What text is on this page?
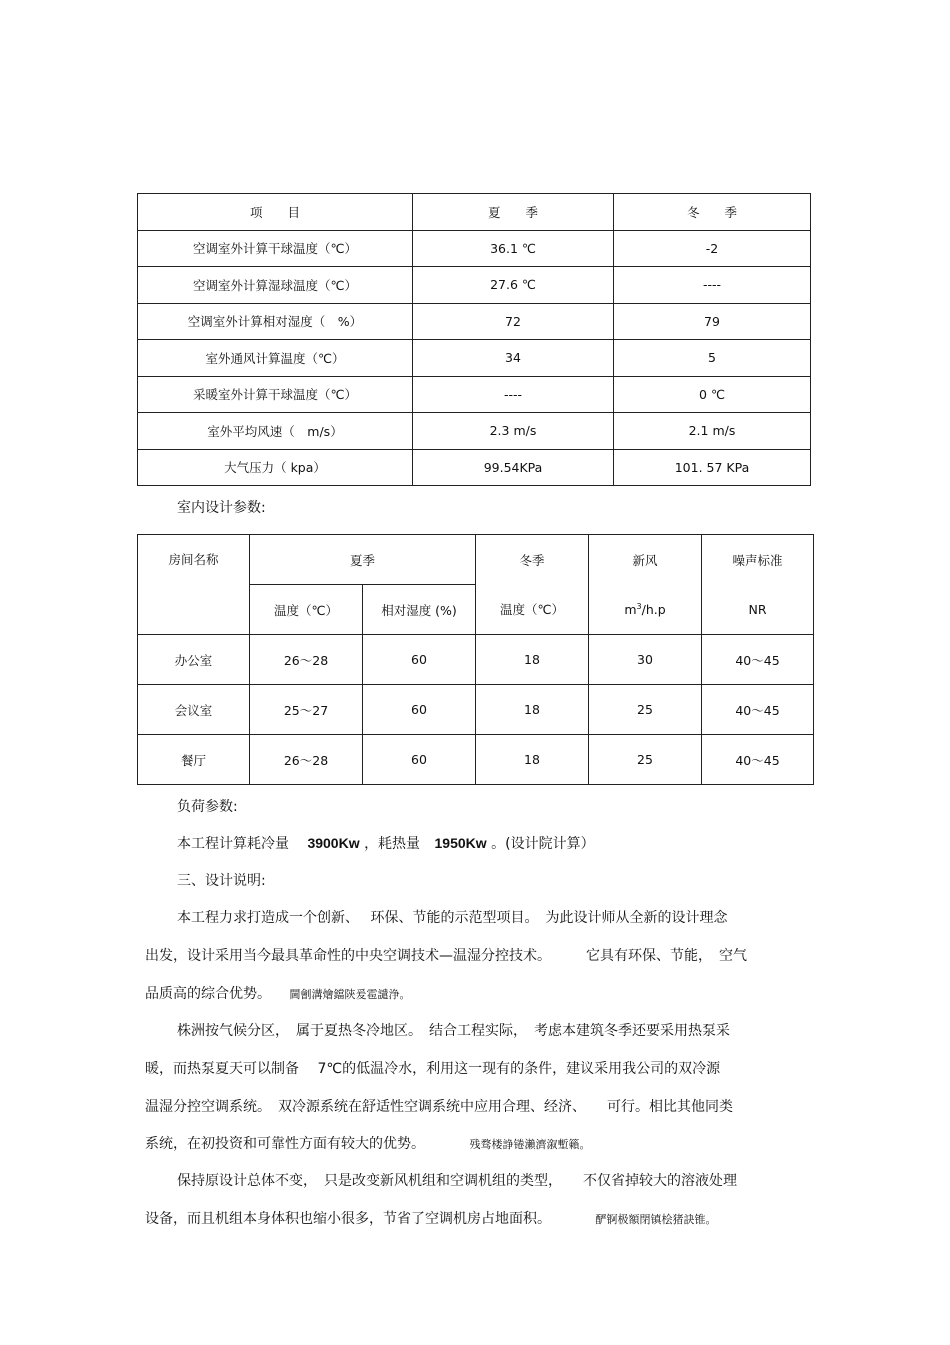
项　　目	夏　　季	冬　　季
空调室外计算干球温度（℃）	36.1 ℃	-2
空调室外计算湿球温度（℃）	27.6 ℃	----
空调室外计算相对湿度（　%）	72	79
室外通风计算温度（℃）	34	5
采暖室外计算干球温度（℃）	----	0 ℃
室外平均风速（　m/s）	2.3 m∕s	2.1 m∕s
大气压力（ kpa）	99.54KPa	101. 57 KPa
室内设计参数:
房间名称	夏季		冬季	新风	噪声标准
	温度（℃）	相对湿度 (%)	温度（℃）	$m^3/h.p$	NR
办公室	26～28	60	18	30	40～45
会议室	25～27	60	18	25	40～45
餐厅	26～28	60	18	25	40～45
负荷参数:
本工程计算耗冷量 3900Kw ，耗热量 1950Kw 。(设计院计算）
三、设计说明:
本工程力求打造成一个创新、　 环保、节能的示范型项目。　为此设计师从全新的设计理念
出发，设计采用当今最具革命性的中央空调技术—温湿分控技术。　　　它具有环保、节能，　空气
品质高的综合优势。 閫劊溝燴鐺陝爰雹譴浄。
株洲按气候分区，　属于夏热冬冷地区。　结合工程实际，　考虑本建筑冬季还要采用热泵采
暖，而热泵夏天可以制备　 7℃的低温冷水，利用这一现有的条件，建议采用我公司的双冷源
温湿分控空调系统。　双冷源系统在舒适性空调系统中应用合理、经济、　　可行。相比其他同类
系统，在初投资和可靠性方面有较大的优势。	残骛楼諍锩瀨濟溆塹籟。
保持原设计总体不变，　只是改变新风机组和空调机组的类型，　　不仅省掉较大的溶液处理
设备，而且机组本身体积也缩小很多，节省了空调机房占地面积。	酽锕极額閉镇桧猪訣锥。
